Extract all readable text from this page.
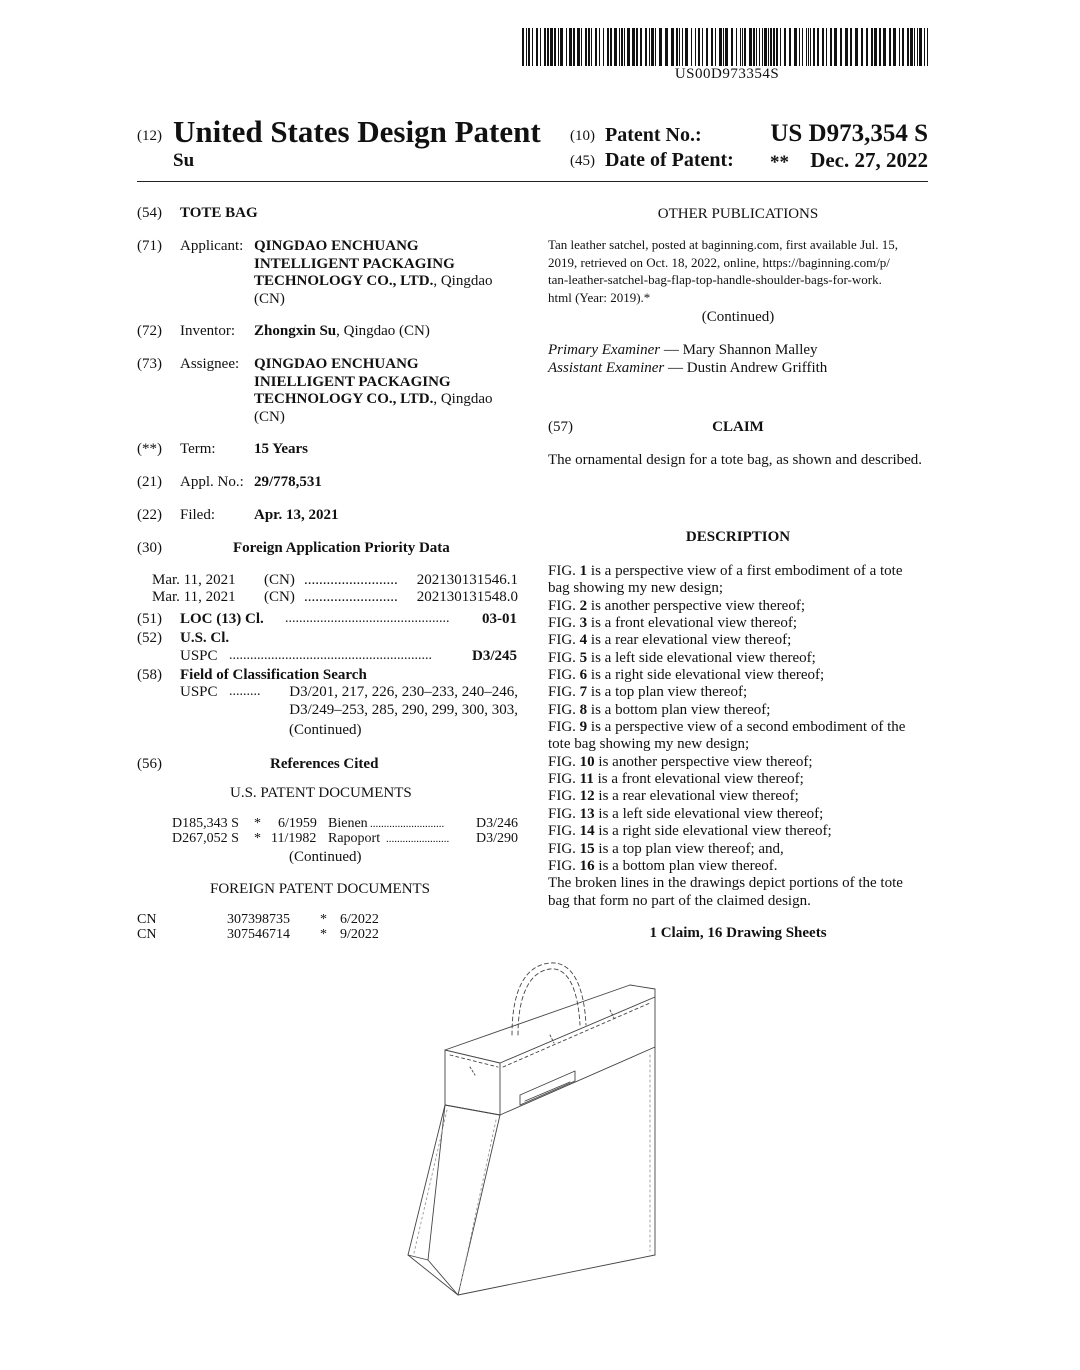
US00D973354S
(12) United States Design Patent
Su
(10) Patent No.:	US D973,354 S
(45) Date of Patent: **	Dec. 27, 2022
(54) TOTE BAG
(71) Applicant: QINGDAO ENCHUANG
INTELLIGENT PACKAGING
TECHNOLOGY CO., LTD., Qingdao
(CN)
(72) Inventor: Zhongxin Su, Qingdao (CN)
(73) Assignee: QINGDAO ENCHUANG
INIELLIGENT PACKAGING
TECHNOLOGY CO., LTD., Qingdao
(CN)
(**) Term:	15 Years
(21) Appl. No.: 29/778,531
(22) Filed:	Apr. 13, 2021
(30)	Foreign Application Priority Data
Mar. 11, 2021 (CN) ......................... 202130131546.1
Mar. 11, 2021 (CN) ......................... 202130131548.0
(51) LOC (13) Cl. ...............................................	03-01
(52) U.S. Cl.
USPC ..........................................................	D3/245
(58) Field of Classification Search
USPC .........	D3/201, 217, 226, 230–233, 240–246,
D3/249–253, 285, 290, 299, 300, 303,
(Continued)
(56)	References Cited
U.S. PATENT DOCUMENTS
D185,343 S * 6/1959 Bienen ........................... D3/246
D267,052 S * 11/1982 Rapoport ....................... D3/290
(Continued)
FOREIGN PATENT DOCUMENTS
CN	307398735 * 6/2022
CN	307546714 * 9/2022
OTHER PUBLICATIONS
Tan leather satchel, posted at baginning.com, first available Jul. 15,
2019, retrieved on Oct. 18, 2022, online, https://baginning.com/p/
tan-leather-satchel-bag-flap-top-handle-shoulder-bags-for-work.
html (Year: 2019).*
(Continued)
Primary Examiner — Mary Shannon Malley
Assistant Examiner — Dustin Andrew Griffith
(57)	CLAIM
The ornamental design for a tote bag, as shown and described.
DESCRIPTION

FIG. 1 is a perspective view of a first embodiment of a tote

bag showing my new design;

FIG. 2 is another perspective view thereof;

FIG. 3 is a front elevational view thereof;

FIG. 4 is a rear elevational view thereof;

FIG. 5 is a left side elevational view thereof;

FIG. 6 is a right side elevational view thereof;

FIG. 7 is a top plan view thereof;

FIG. 8 is a bottom plan view thereof;

FIG. 9 is a perspective view of a second embodiment of the

tote bag showing my new design;

FIG. 10 is another perspective view thereof;

FIG. 11 is a front elevational view thereof;

FIG. 12 is a rear elevational view thereof;

FIG. 13 is a left side elevational view thereof;

FIG. 14 is a right side elevational view thereof;

FIG. 15 is a top plan view thereof; and,

FIG. 16 is a bottom plan view thereof.

The broken lines in the drawings depict portions of the tote

bag that form no part of the claimed design.

1 Claim, 16 Drawing Sheets
